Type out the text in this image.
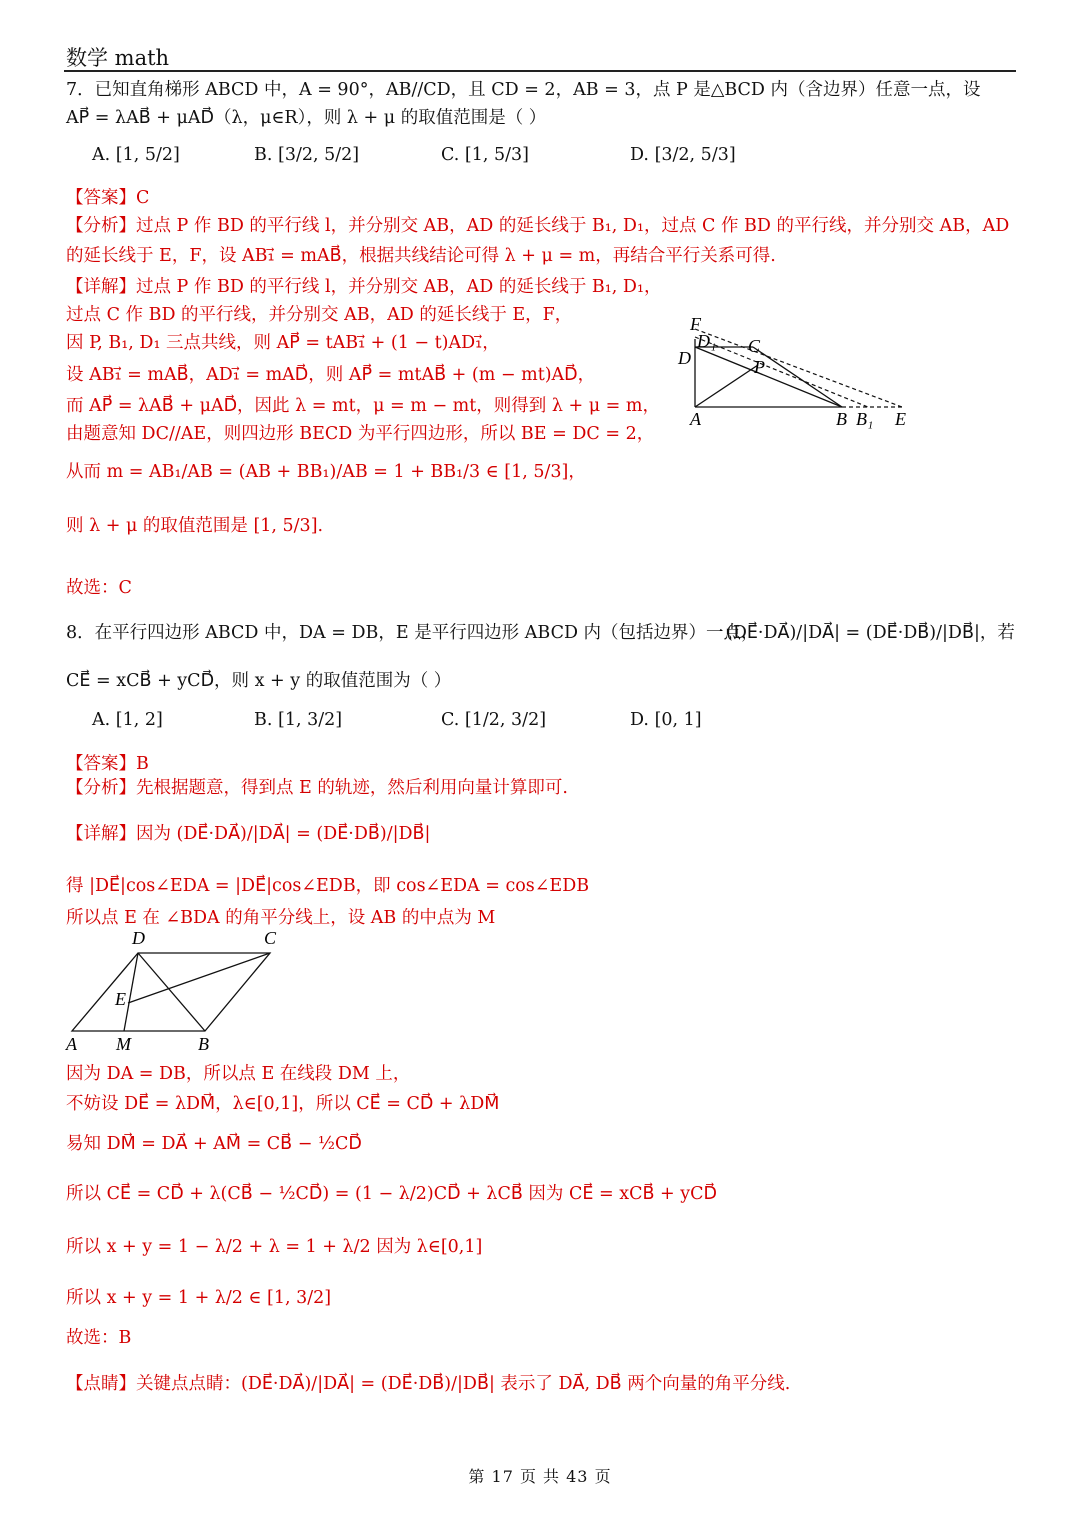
数学 math
7．已知直角梯形 ABCD 中，A = 90°，AB//CD，且 CD = 2，AB = 3，点 P 是△BCD 内（含边界）任意一点，设
AP⃗ = λAB⃗ + μAD⃗（λ，μ∈R），则 λ + μ 的取值范围是（ ）
A. [1, 5/2]	B. [3/2, 5/2]	C. [1, 5/3]	D. [3/2, 5/3]
【答案】C
【分析】过点 P 作 BD 的平行线 l，并分别交 AB，AD 的延长线于 B₁, D₁，过点 C 作 BD 的平行线，并分别交 AB，AD
的延长线于 E，F，设 AB₁⃗ = mAB⃗，根据共线结论可得 λ + μ = m，再结合平行关系可得.
【详解】过点 P 作 BD 的平行线 l，并分别交 AB，AD 的延长线于 B₁, D₁，
过点 C 作 BD 的平行线，并分别交 AB，AD 的延长线于 E，F，
因 P, B₁, D₁ 三点共线，则 AP⃗ = tAB₁⃗ + (1 − t)AD₁⃗，
设 AB₁⃗ = mAB⃗，AD₁⃗ = mAD⃗，则 AP⃗ = mtAB⃗ + (m − mt)AD⃗，
而 AP⃗ = λAB⃗ + μAD⃗，因此 λ = mt，μ = m − mt，则得到 λ + μ = m，
由题意知 DC//AE，则四边形 BECD 为平行四边形，所以 BE = DC = 2，
从而 m = AB₁/AB = (AB + BB₁)/AB = 1 + BB₁/3 ∈ [1, 5/3]，
则 λ + μ 的取值范围是 [1, 5/3].
故选：C
F
D₁
D
C
P
A	B B₁ E
8．在平行四边形 ABCD 中，DA = DB，E 是平行四边形 ABCD 内（包括边界）一点，
(DE⃗·DA⃗)/|DA⃗| = (DE⃗·DB⃗)/|DB⃗|，若
CE⃗ = xCB⃗ + yCD⃗，则 x + y 的取值范围为（ ）
A. [1, 2]	B. [1, 3/2]	C. [1/2, 3/2]	D. [0, 1]
【答案】B
【分析】先根据题意，得到点 E 的轨迹，然后利用向量计算即可.
【详解】因为 (DE⃗·DA⃗)/|DA⃗| = (DE⃗·DB⃗)/|DB⃗|
得 |DE⃗|cos∠EDA = |DE⃗|cos∠EDB，即 cos∠EDA = cos∠EDB
所以点 E 在 ∠BDA 的角平分线上，设 AB 的中点为 M
D	C
E
A M	B
因为 DA = DB，所以点 E 在线段 DM 上，
不妨设 DE⃗ = λDM⃗，λ∈[0,1]，所以 CE⃗ = CD⃗ + λDM⃗
易知 DM⃗ = DA⃗ + AM⃗ = CB⃗ − ½CD⃗
所以 CE⃗ = CD⃗ + λ(CB⃗ − ½CD⃗) = (1 − λ/2)CD⃗ + λCB⃗ 因为 CE⃗ = xCB⃗ + yCD⃗
所以 x + y = 1 − λ/2 + λ = 1 + λ/2 因为 λ∈[0,1]
所以 x + y = 1 + λ/2 ∈ [1, 3/2]
故选：B
【点睛】关键点点睛：(DE⃗·DA⃗)/|DA⃗| = (DE⃗·DB⃗)/|DB⃗| 表示了 DA⃗, DB⃗ 两个向量的角平分线.
第 17 页 共 43 页
